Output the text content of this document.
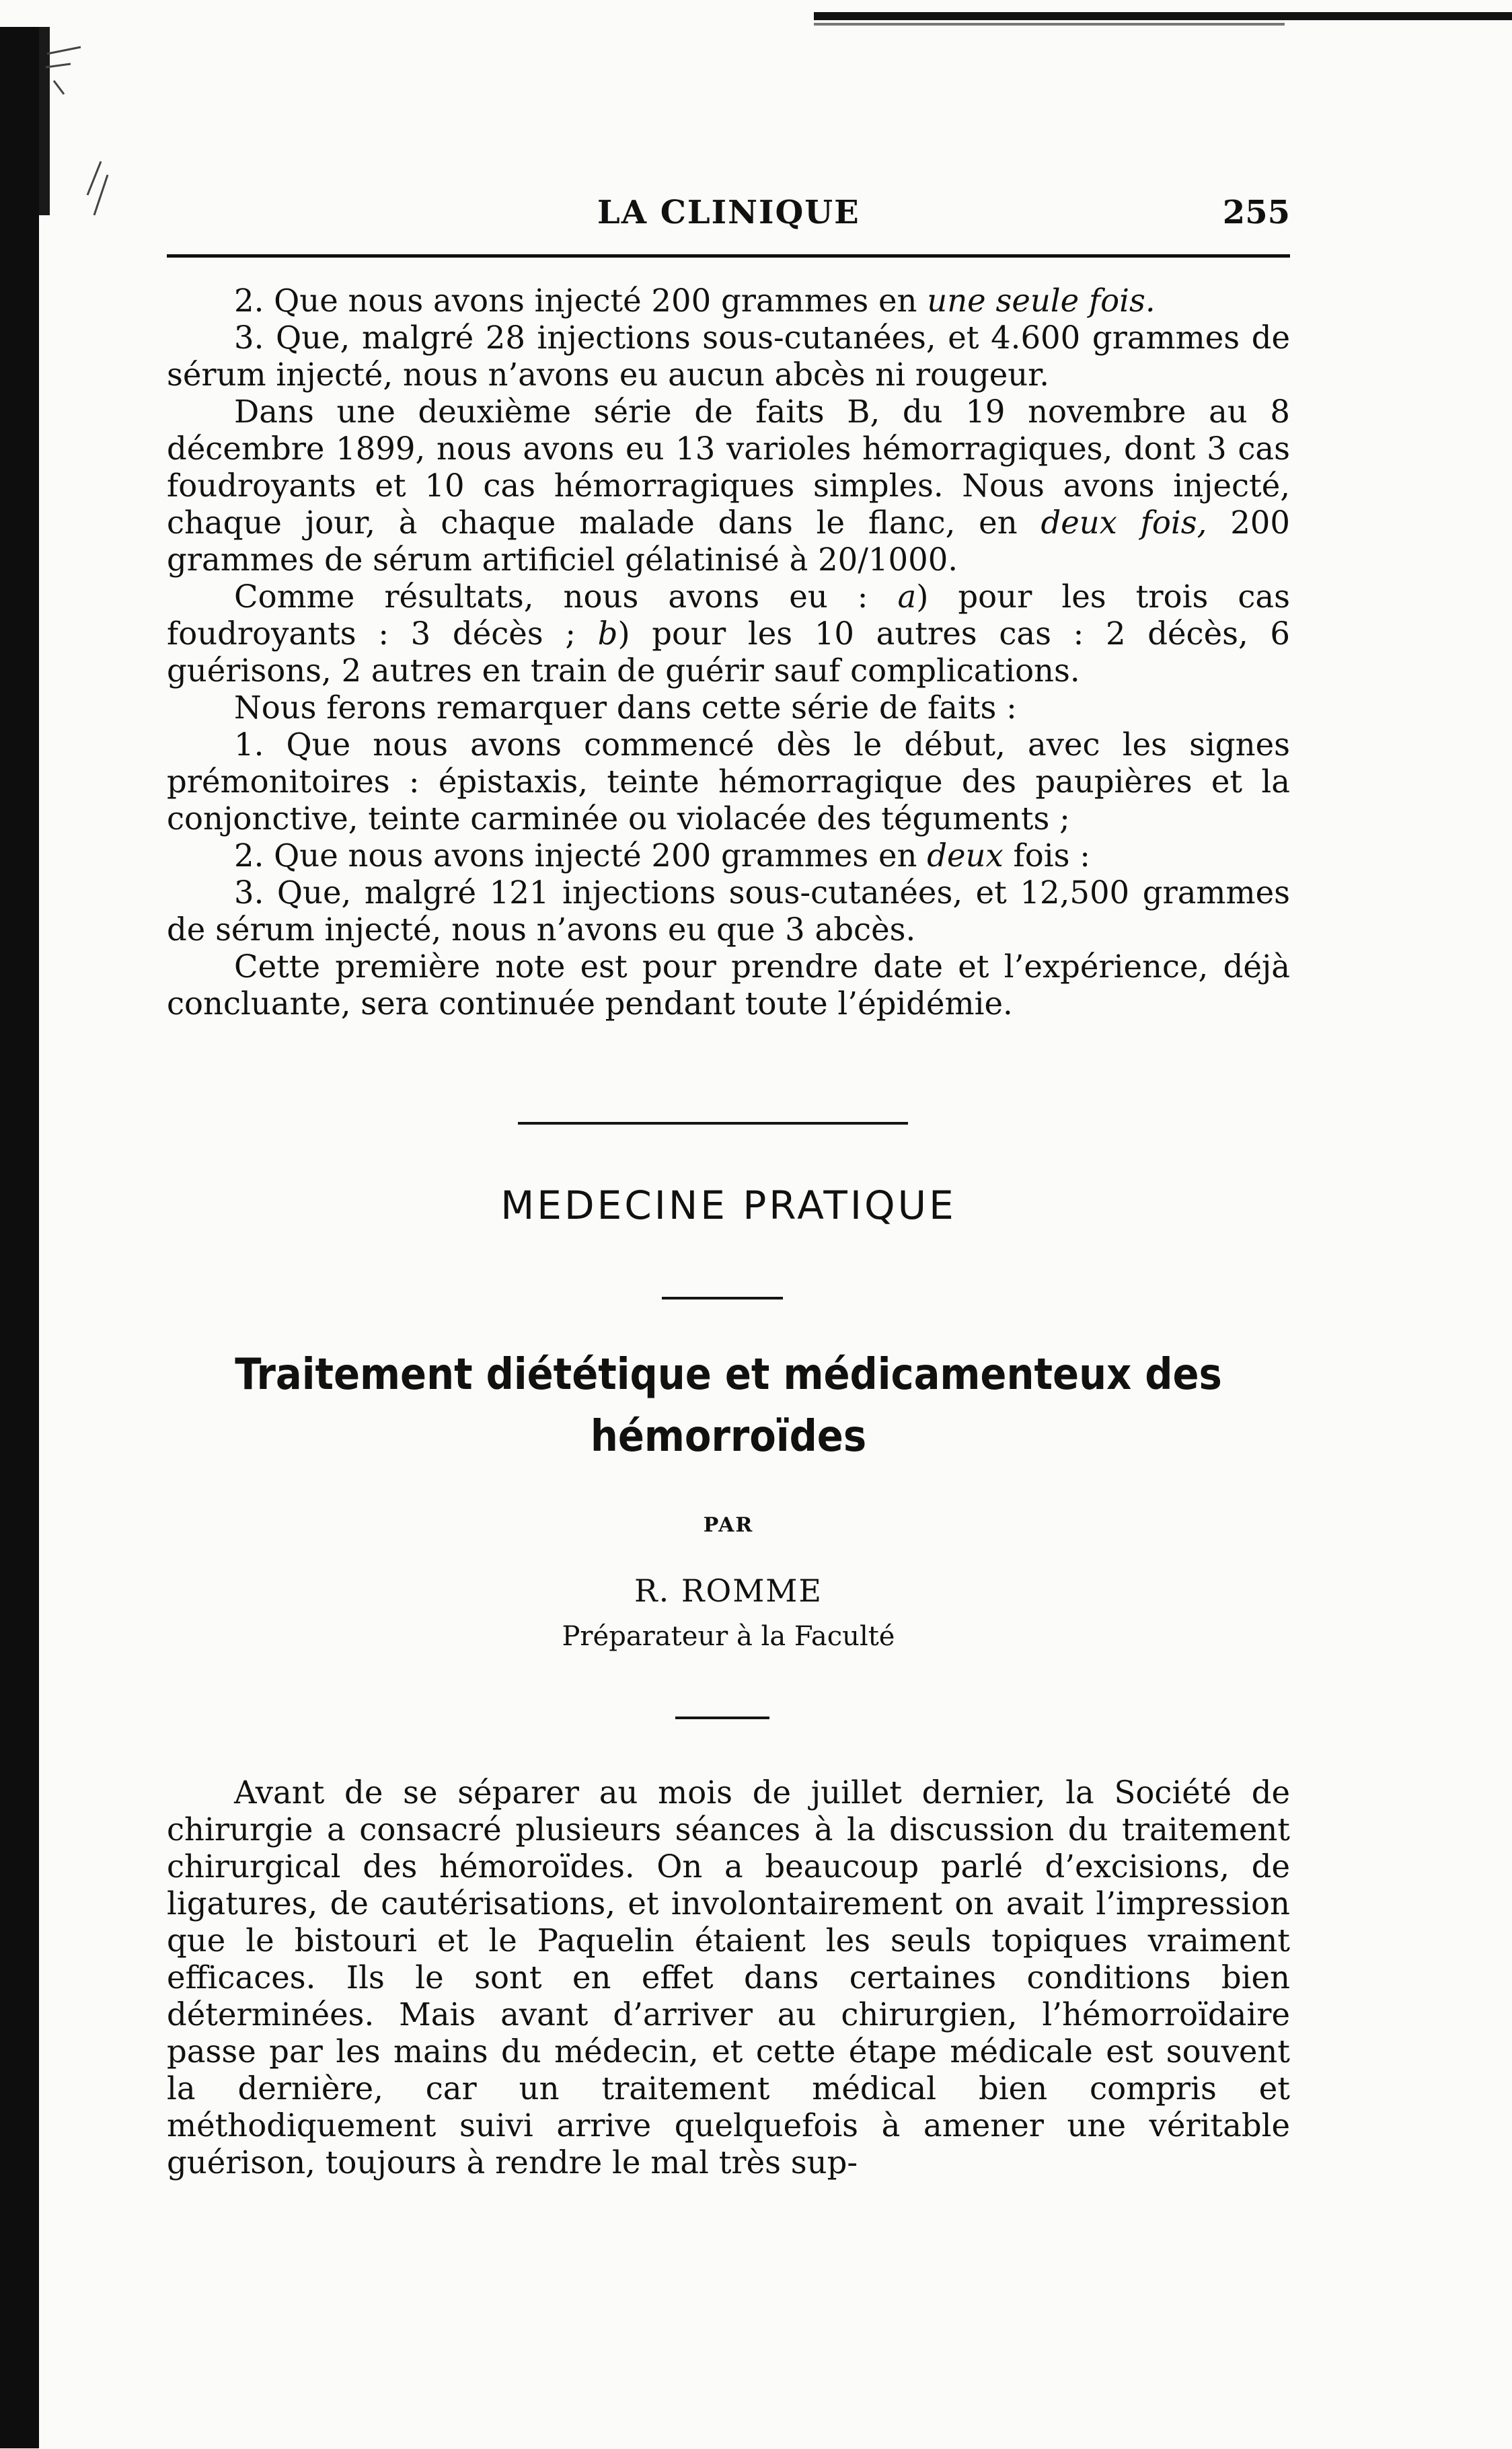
LA CLINIQUE	255

2. Que nous avons injecté 200 grammes en une seule fois.

3. Que, malgré 28 injections sous-cutanées, et 4.600 grammes de sérum injecté, nous n’avons eu aucun abcès ni rougeur.

Dans une deuxième série de faits B, du 19 novembre au 8 décembre 1899, nous avons eu 13 varioles hémorragiques, dont 3 cas foudroyants et 10 cas hémorragiques simples. Nous avons injecté, chaque jour, à chaque malade dans le flanc, en deux fois, 200 grammes de sérum artificiel gélatinisé à 20/1000.

Comme résultats, nous avons eu : a) pour les trois cas foudroyants : 3 décès ; b) pour les 10 autres cas : 2 décès, 6 guérisons, 2 autres en train de guérir sauf complications.

Nous ferons remarquer dans cette série de faits :

1. Que nous avons commencé dès le début, avec les signes prémonitoires : épistaxis, teinte hémorragique des paupières et la conjonctive, teinte carminée ou violacée des téguments ;

2. Que nous avons injecté 200 grammes en deux fois :

3. Que, malgré 121 injections sous-cutanées, et 12,500 grammes de sérum injecté, nous n’avons eu que 3 abcès.

Cette première note est pour prendre date et l’expérience, déjà concluante, sera continuée pendant toute l’épidémie.

MEDECINE PRATIQUE
Traitement diététique et médicamenteux des
hémorroïdes
PAR
R. ROMME
Préparateur à la Faculté

Avant de se séparer au mois de juillet dernier, la Société de chirurgie a consacré plusieurs séances à la discussion du traitement chirurgical des hémoroïdes. On a beaucoup parlé d’excisions, de ligatures, de cautérisations, et involontairement on avait l’impression que le bistouri et le Paquelin étaient les seuls topiques vraiment efficaces. Ils le sont en effet dans certaines conditions bien déterminées. Mais avant d’arriver au chirurgien, l’hémorroïdaire passe par les mains du médecin, et cette étape médicale est souvent la dernière, car un traitement médical bien compris et méthodiquement suivi arrive quelquefois à amener une véritable guérison, toujours à rendre le mal très sup-
